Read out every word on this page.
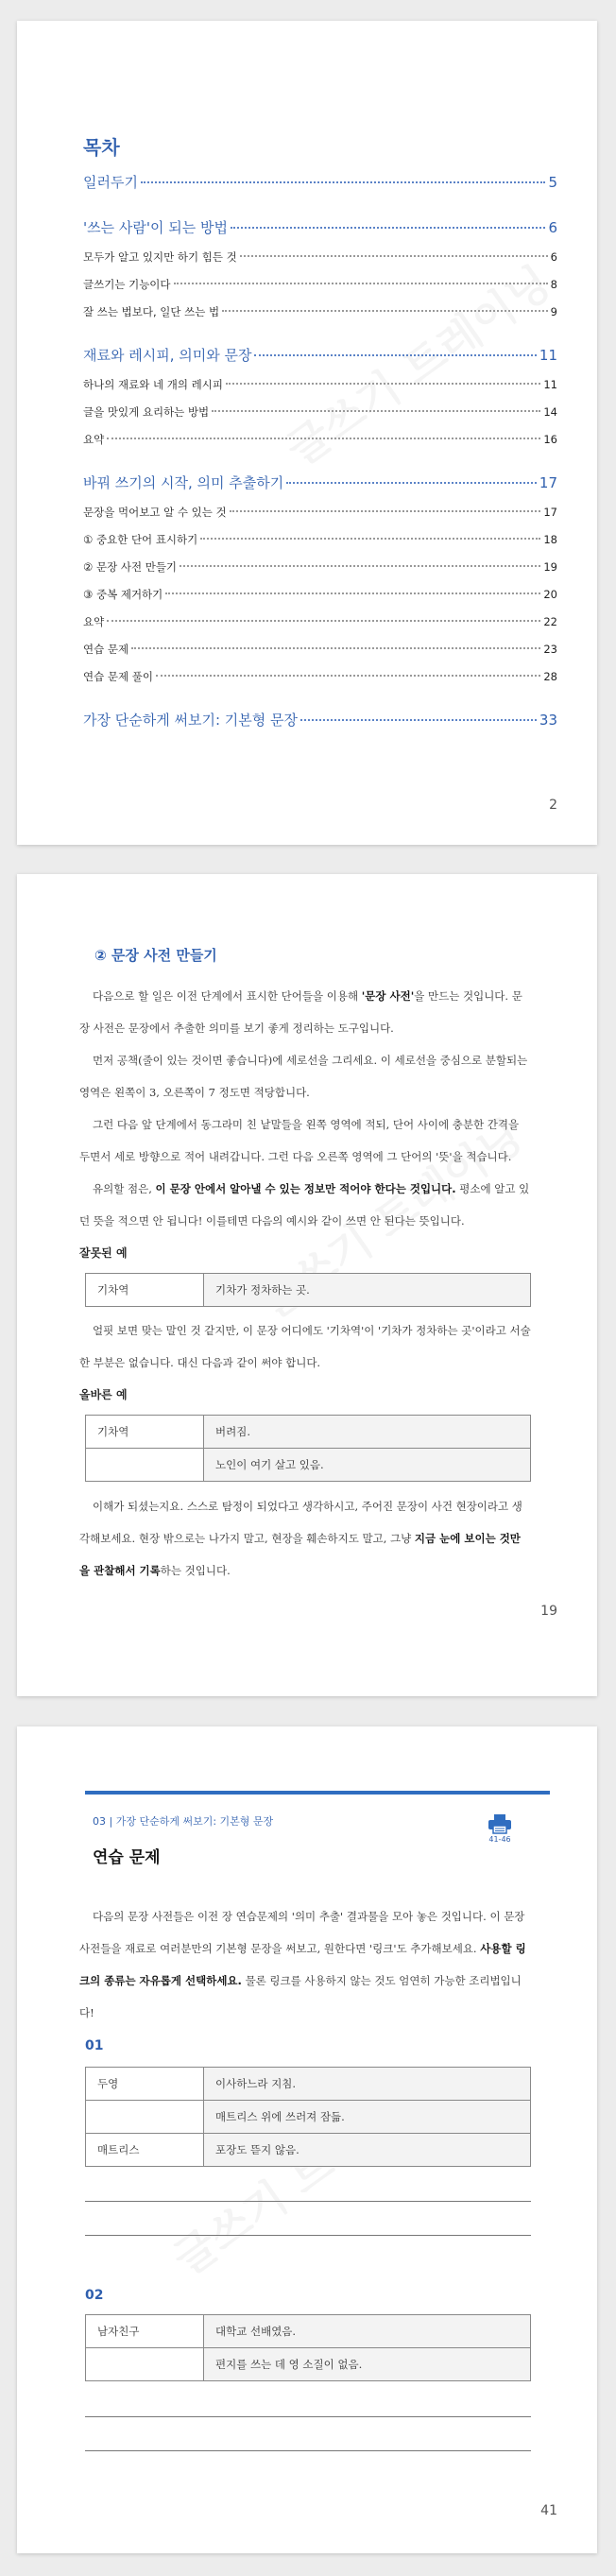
목차
일러두기	5
'쓰는 사람'이 되는 방법	6
모두가 알고 있지만 하기 힘든 것	6
글쓰기는 기능이다	8
잘 쓰는 법보다, 일단 쓰는 법	9
재료와 레시피, 의미와 문장	11
하나의 재료와 네 개의 레시피	11
글을 맛있게 요리하는 방법	14
요약	16
바꿔 쓰기의 시작, 의미 추출하기	17
문장을 먹어보고 알 수 있는 것	17
① 중요한 단어 표시하기	18
② 문장 사전 만들기	19
③ 중복 제거하기	20
요약	22
연습 문제	23
연습 문제 풀이	28
가장 단순하게 써보기: 기본형 문장	33
2
② 문장 사전 만들기

다음으로 할 일은 이전 단계에서 표시한 단어들을 이용해 '문장 사전'을 만드는 것입니다. 문장 사전은 문장에서 추출한 의미를 보기 좋게 정리하는 도구입니다.

먼저 공책(줄이 있는 것이면 좋습니다)에 세로선을 그리세요. 이 세로선을 중심으로 분할되는 영역은 왼쪽이 3, 오른쪽이 7 정도면 적당합니다.

그런 다음 앞 단계에서 동그라미 친 낱말들을 왼쪽 영역에 적되, 단어 사이에 충분한 간격을 두면서 세로 방향으로 적어 내려갑니다. 그런 다음 오른쪽 영역에 그 단어의 '뜻'을 적습니다.

유의할 점은, 이 문장 안에서 알아낼 수 있는 정보만 적어야 한다는 것입니다. 평소에 알고 있던 뜻을 적으면 안 됩니다! 이를테면 다음의 예시와 같이 쓰면 안 된다는 뜻입니다.

잘못된 예
기차역	기차가 정차하는 곳.

얼핏 보면 맞는 말인 것 같지만, 이 문장 어디에도 '기차역'이 '기차가 정차하는 곳'이라고 서술한 부분은 없습니다. 대신 다음과 같이 써야 합니다.

올바른 예
기차역	버려짐.
	노인이 여기 살고 있음.

이해가 되셨는지요. 스스로 탐정이 되었다고 생각하시고, 주어진 문장이 사건 현장이라고 생각해보세요. 현장 밖으로는 나가지 말고, 현장을 훼손하지도 말고, 그냥 지금 눈에 보이는 것만을 관찰해서 기록하는 것입니다.

19
03 | 가장 단순하게 써보기: 기본형 문장
연습 문제
41-46

다음의 문장 사전들은 이전 장 연습문제의 '의미 추출' 결과물을 모아 놓은 것입니다. 이 문장 사전들을 재료로 여러분만의 기본형 문장을 써보고, 원한다면 '링크'도 추가해보세요. 사용할 링크의 종류는 자유롭게 선택하세요. 물론 링크를 사용하지 않는 것도 엄연히 가능한 조리법입니다!

01
두영	이사하느라 지침.
	매트리스 위에 쓰러져 잠듦.
매트리스	포장도 뜯지 않음.
02
남자친구	대학교 선배였음.
	편지를 쓰는 데 영 소질이 없음.
41
